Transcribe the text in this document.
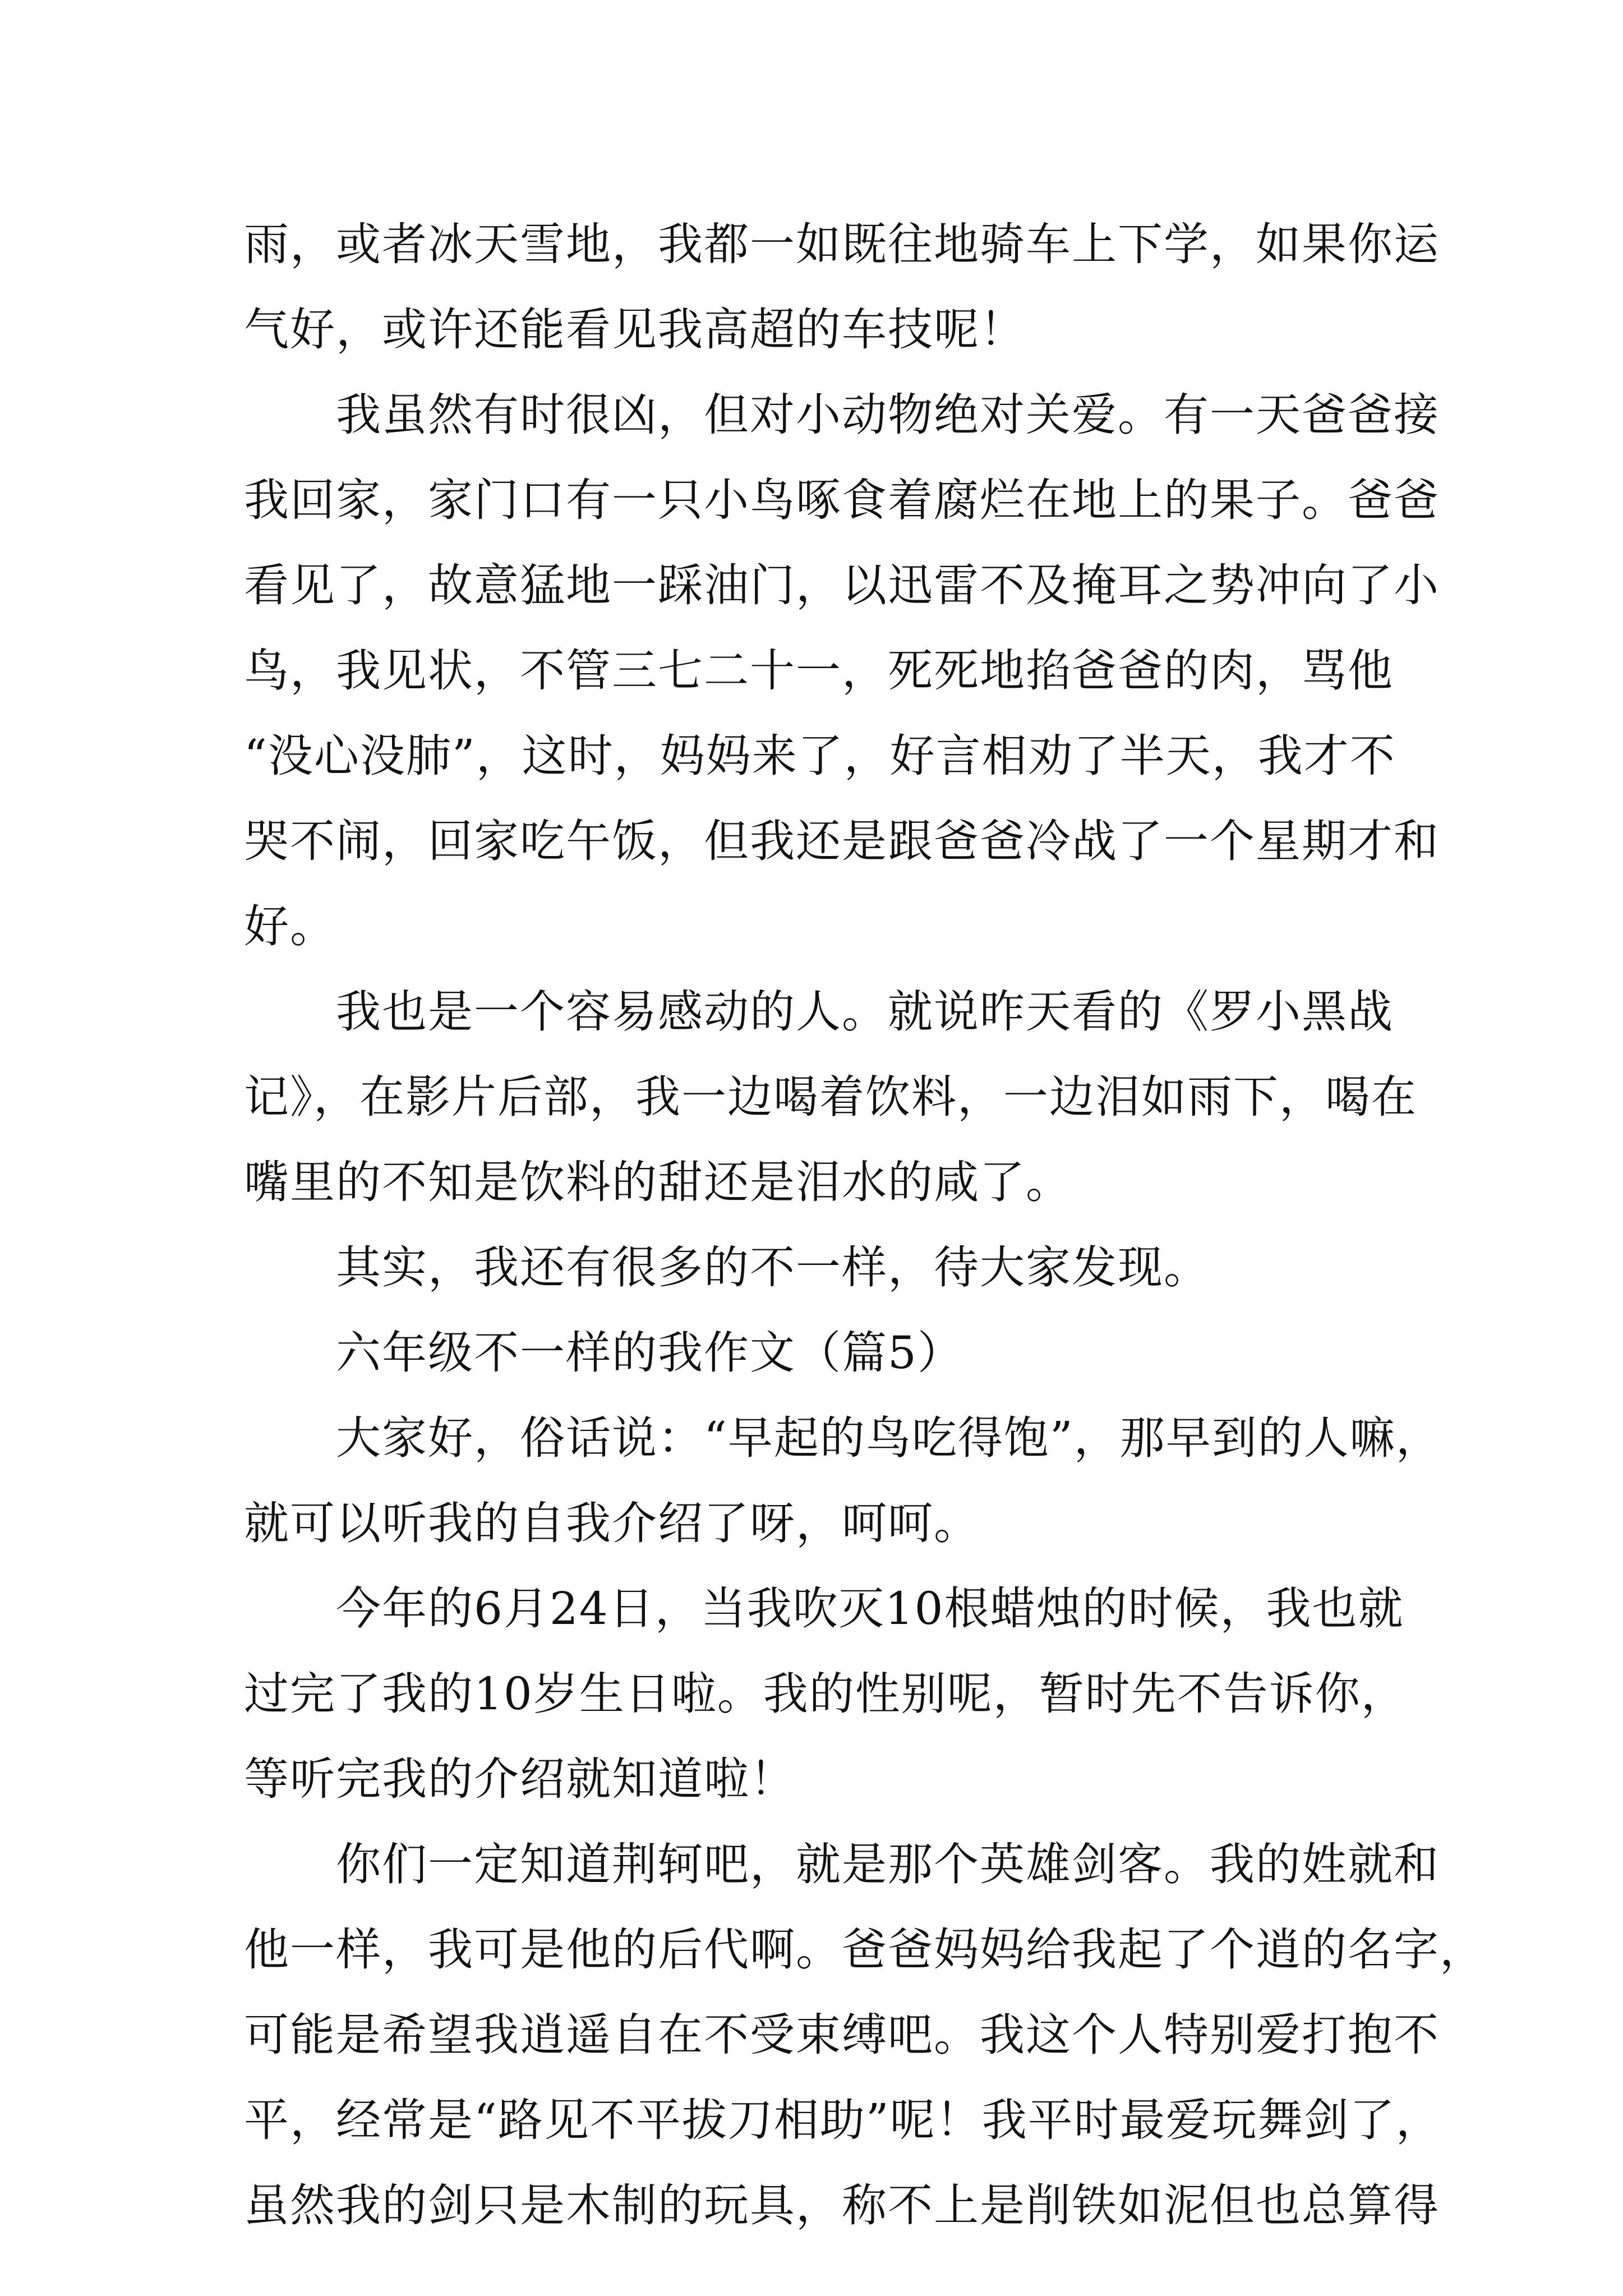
雨，或者冰天雪地，我都一如既往地骑车上下学，如果你运
气好，或许还能看见我高超的车技呢！
　　我虽然有时很凶，但对小动物绝对关爱。有一天爸爸接
我回家，家门口有一只小鸟啄食着腐烂在地上的果子。爸爸
看见了，故意猛地一踩油门，以迅雷不及掩耳之势冲向了小
鸟，我见状，不管三七二十一，死死地掐爸爸的肉，骂他
“没心没肺”，这时，妈妈来了，好言相劝了半天，我才不
哭不闹，回家吃午饭，但我还是跟爸爸冷战了一个星期才和
好。
　　我也是一个容易感动的人。就说昨天看的《罗小黑战
记》，在影片后部，我一边喝着饮料，一边泪如雨下，喝在
嘴里的不知是饮料的甜还是泪水的咸了。
　　其实，我还有很多的不一样，待大家发现。
　　六年级不一样的我作文（篇5）
　　大家好，俗话说：“早起的鸟吃得饱”，那早到的人嘛，
就可以听我的自我介绍了呀，呵呵。
　　今年的6月24日，当我吹灭10根蜡烛的时候，我也就
过完了我的10岁生日啦。我的性别呢，暂时先不告诉你，
等听完我的介绍就知道啦！
　　你们一定知道荆轲吧，就是那个英雄剑客。我的姓就和
他一样，我可是他的后代啊。爸爸妈妈给我起了个逍的名字，
可能是希望我逍遥自在不受束缚吧。我这个人特别爱打抱不
平，经常是“路见不平拔刀相助”呢！我平时最爱玩舞剑了，
虽然我的剑只是木制的玩具，称不上是削铁如泥但也总算得
